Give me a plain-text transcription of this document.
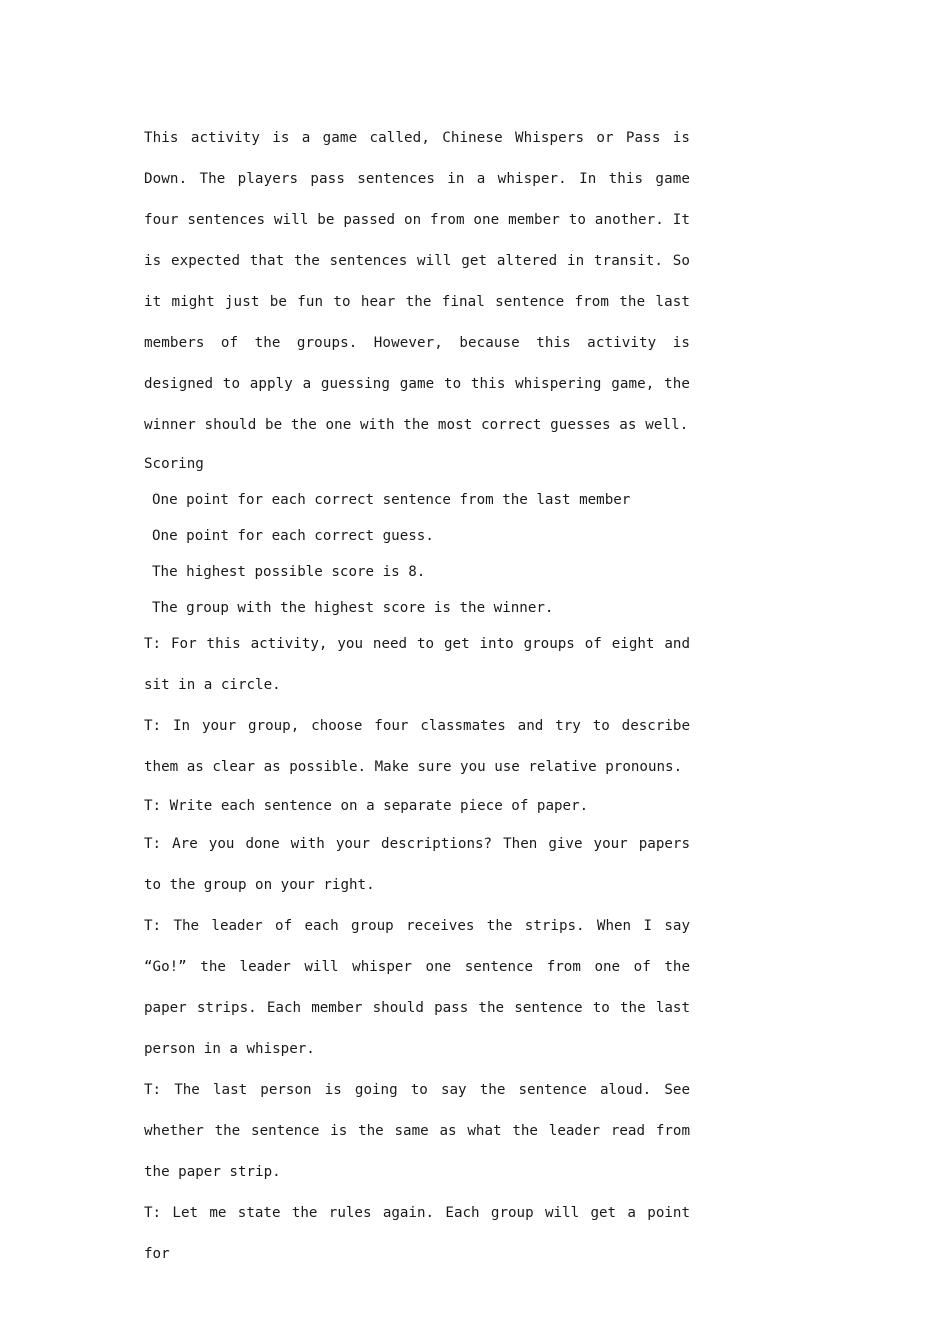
This activity is a game called, Chinese Whispers or Pass is Down. The players pass sentences in a whisper. In this game four sentences will be passed on from one member to another. It is expected that the sentences will get altered in transit. So it might just be fun to hear the final sentence from the last members of the groups. However, because this activity is designed to apply a guessing game to this whispering game, the winner should be the one with the most correct guesses as well.

Scoring

One point for each correct sentence from the last member

One point for each correct guess.

The highest possible score is 8.

The group with the highest score is the winner.

T: For this activity, you need to get into groups of eight and sit in a circle.

T: In your group, choose four classmates and try to describe them as clear as possible. Make sure you use relative pronouns.

T: Write each sentence on a separate piece of paper.

T: Are you done with your descriptions? Then give your papers to the group on your right.

T: The leader of each group receives the strips. When I say “Go!” the leader will whisper one sentence from one of the paper strips. Each member should pass the sentence to the last person in a whisper.

T: The last person is going to say the sentence aloud. See whether the sentence is the same as what the leader read from the paper strip.

T: Let me state the rules again. Each group will get a point for
